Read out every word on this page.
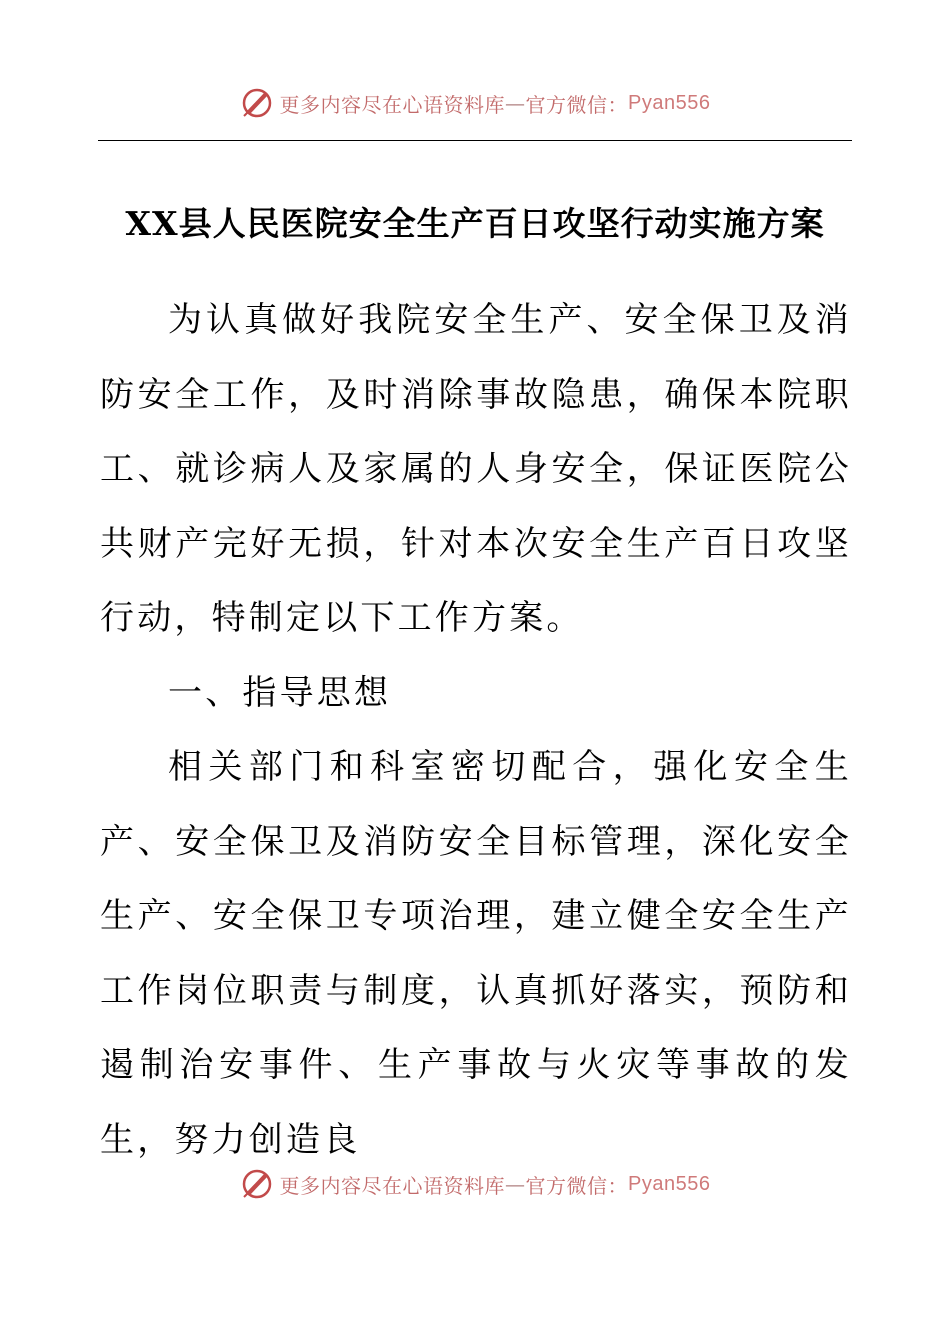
更多内容尽在心语资料库 — 官方微信： Pyan556
XX县人民医院安全生产百日攻坚行动实施方案

为认真做好我院安全生产、安全保卫及消防安全工作，及时消除事故隐患，确保本院职工、就诊病人及家属的人身安全，保证医院公共财产完好无损，针对本次安全生产百日攻坚行动，特制定以下工作方案。

一、指导思想

相关部门和科室密切配合，强化安全生产、安全保卫及消防安全目标管理，深化安全生产、安全保卫专项治理，建立健全安全生产工作岗位职责与制度，认真抓好落实，预防和遏制治安事件、生产事故与火灾等事故的发生，努力创造良

更多内容尽在心语资料库 — 官方微信： Pyan556
